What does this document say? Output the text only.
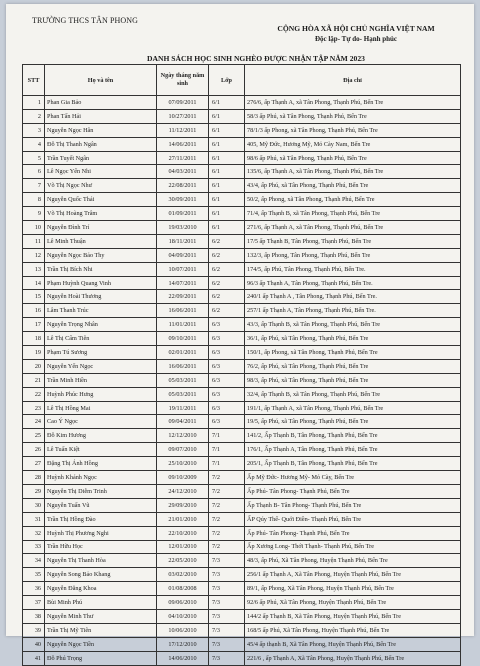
TRƯỜNG THCS TÂN PHONG
CỘNG HÒA XÃ HỘI CHỦ NGHĨA VIỆT NAM
Độc lập- Tự do- Hạnh phúc
DANH SÁCH HỌC SINH NGHÈO ĐƯỢC NHẬN TẬP NĂM 2023
STT	Họ và tên	Ngày tháng năm sinh	Lớp	Địa chỉ
1	Phan Gia Bảo	07/09/2011	6/1	276/6, ấp Thạnh A, xã Tân Phong, Thạnh Phú, Bến Tre
2	Phan Tấn Hải	10/27/2011	6/1	58/3 ấp Phú, xã Tân Phong, Thạnh Phú, Bến Tre
3	Nguyễn Ngọc Hân	11/12/2011	6/1	78/1/3 ấp Phong, xã Tân Phong, Thạnh Phú, Bến Tre
4	Đỗ Thị Thanh Ngân	14/06/2011	6/1	405, Mỹ Đức, Hương Mỹ, Mỏ Cày Nam, Bến Tre
5	Trần Tuyết Ngân	27/11/2011	6/1	98/6 ấp Phú, xã Tân Phong, Thạnh Phú, Bến Tre
6	Lê Ngọc Yến Nhi	04/03/2011	6/1	135/6, ấp Thạnh A, xã Tân Phong, Thạnh Phú, Bến Tre
7	Võ Thị Ngọc Như	22/08/2011	6/1	43/4, ấp Phú, xã Tân Phong, Thạnh Phú, Bến Tre
8	Nguyễn Quốc Thái	30/09/2011	6/1	50/2, ấp Phong, xã Tân Phong, Thạnh Phú, Bến Tre
9	Võ Thị Hoàng Trâm	01/09/2011	6/1	71/4, ấp Thạnh B, xã Tân Phong, Thạnh Phú, Bến Tre
10	Nguyễn Đình Trí	19/03/2010	6/1	271/6, ấp Thạnh A, xã Tân Phong, Thạnh Phú, Bến Tre
11	Lê Minh Thuận	18/11/2011	6/2	17/5 ấp Thạnh B, Tân Phong, Thạnh Phú, Bến Tre
12	Nguyễn Ngọc Bảo Thy	04/09/2011	6/2	132/3, ấp Phong, Tân Phong, Thạnh Phú, Bến Tre
13	Trần Thị Bích Nhi	10/07/2011	6/2	174/5, ấp Phú, Tân Phong, Thạnh Phú, Bến Tre.
14	Phạm Huỳnh Quang Vinh	14/07/2011	6/2	96/3 ấp Thạnh A, Tân Phong, Thạnh Phú, Bến Tre.
15	Nguyễn Hoài Thương	22/09/2011	6/2	240/1 ấp Thạnh A , Tân Phong, Thạnh Phú, Bến Tre.
16	Lâm Thanh Trúc	16/06/2011	6/2	257/1 ấp Thạnh A, Tân Phong, Thạnh Phú, Bến Tre.
17	Nguyễn Trọng Nhân	11/01/2011	6/3	43/3, ấp Thạnh B, xã Tân Phong, Thạnh Phú, Bến Tre
18	Lê Thị Cẩm Tiên	09/10/2011	6/3	36/1, ấp Phú, xã Tân Phong, Thạnh Phú, Bến Tre
19	Phạm Tú Sương	02/01/2011	6/3	150/1, ấp Phong, xã Tân Phong, Thạnh Phú, Bến Tre
20	Nguyễn Yến Ngọc	16/06/2011	6/3	76/2, ấp Phú, xã Tân Phong, Thạnh Phú, Bến Tre
21	Trần Minh Hiền	05/03/2011	6/3	98/3, ấp Phú, xã Tân Phong, Thạnh Phú, Bến Tre
22	Huỳnh Phúc Hưng	05/03/2011	6/3	32/4, ấp Thạnh B, xã Tân Phong, Thạnh Phú, Bến Tre
23	Lê Thị Hồng Mai	19/11/2011	6/3	191/1, ấp Thạnh A, xã Tân Phong, Thạnh Phú, Bến Tre
24	Cao Ý Ngọc	09/04/2011	6/3	19/5, ấp Phú, xã Tân Phong, Thạnh Phú, Bến Tre
25	Đỗ Kim Hương	12/12/2010	7/1	141/2, Ấp Thạnh B, Tân Phong, Thạnh Phú, Bến Tre
26	Lê Tuấn Kiệt	09/07/2010	7/1	176/1, Ấp Thạnh A, Tân Phong, Thạnh Phú, Bến Tre
27	Đặng Thị Ánh Hồng	25/10/2010	7/1	205/1, Ấp Thạnh B, Tân Phong, Thạnh Phú, Bến Tre
28	Huỳnh Khánh Ngọc	09/10/2009	7/2	Ấp Mỹ Đức- Hương Mỹ- Mỏ Cày, Bến Tre
29	Nguyễn Thị Diễm Trinh	24/12/2010	7/2	Ấp Phú- Tân Phong- Thạnh Phú, Bến Tre
30	Nguyễn Tuấn Vũ	29/09/2010	7/2	Ấp Thạnh B- Tân Phong- Thạnh Phú, Bến Tre
31	Trần Thị Hồng Đào	21/01/2010	7/2	ẤP Qúy Thế- Quới Điền- Thạnh Phú, Bến Tre
32	Huỳnh Thị Phương Nghi	22/10/2010	7/2	Ấp Phú- Tân Phong- Thạnh Phú, Bến Tre
33	Trần Hữu Học	12/01/2010	7/2	Ấp Xương Long- Thới Thạnh- Thạnh Phú, Bến Tre
34	Nguyễn Thị Thanh Hòa	22/05/2010	7/3	48/3, ấp Phú, Xã Tân Phong, Huyện Thạnh Phú, Bến Tre
35	Nguyễn Song Bảo Khang	03/02/2010	7/3	256/1 ấp Thạnh A, Xã Tân Phong, Huyện Thạnh Phú, Bến Tre
36	Nguyễn Đăng Khoa	01/08/2008	7/3	89/1, ấp Phong, Xã Tân Phong, Huyện Thạnh Phú, Bến Tre
37	Bùi Minh Phú	09/06/2010	7/3	92/6 ấp Phú, Xã Tân Phong, Huyện Thạnh Phú, Bến Tre
38	Nguyễn Minh Thư	04/10/2010	7/3	144/2 ấp Thạnh B, Xã Tân Phong, Huyện Thạnh Phú, Bến Tre
39	Trần Thị Mỹ Tiên	10/06/2010	7/3	168/5 ấp Phú, Xã Tân Phong, Huyện Thạnh Phú, Bến Tre
40	Nguyễn Ngọc Tiền	17/12/2010	7/3	45/4 ấp thạnh B, Xã Tân Phong, Huyện Thạnh Phú, Bến Tre
41	Đỗ Phú Trọng	14/06/2010	7/3	221/6 , ấp Thạnh A, Xã Tân Phong, Huyện Thạnh Phú, Bến Tre
